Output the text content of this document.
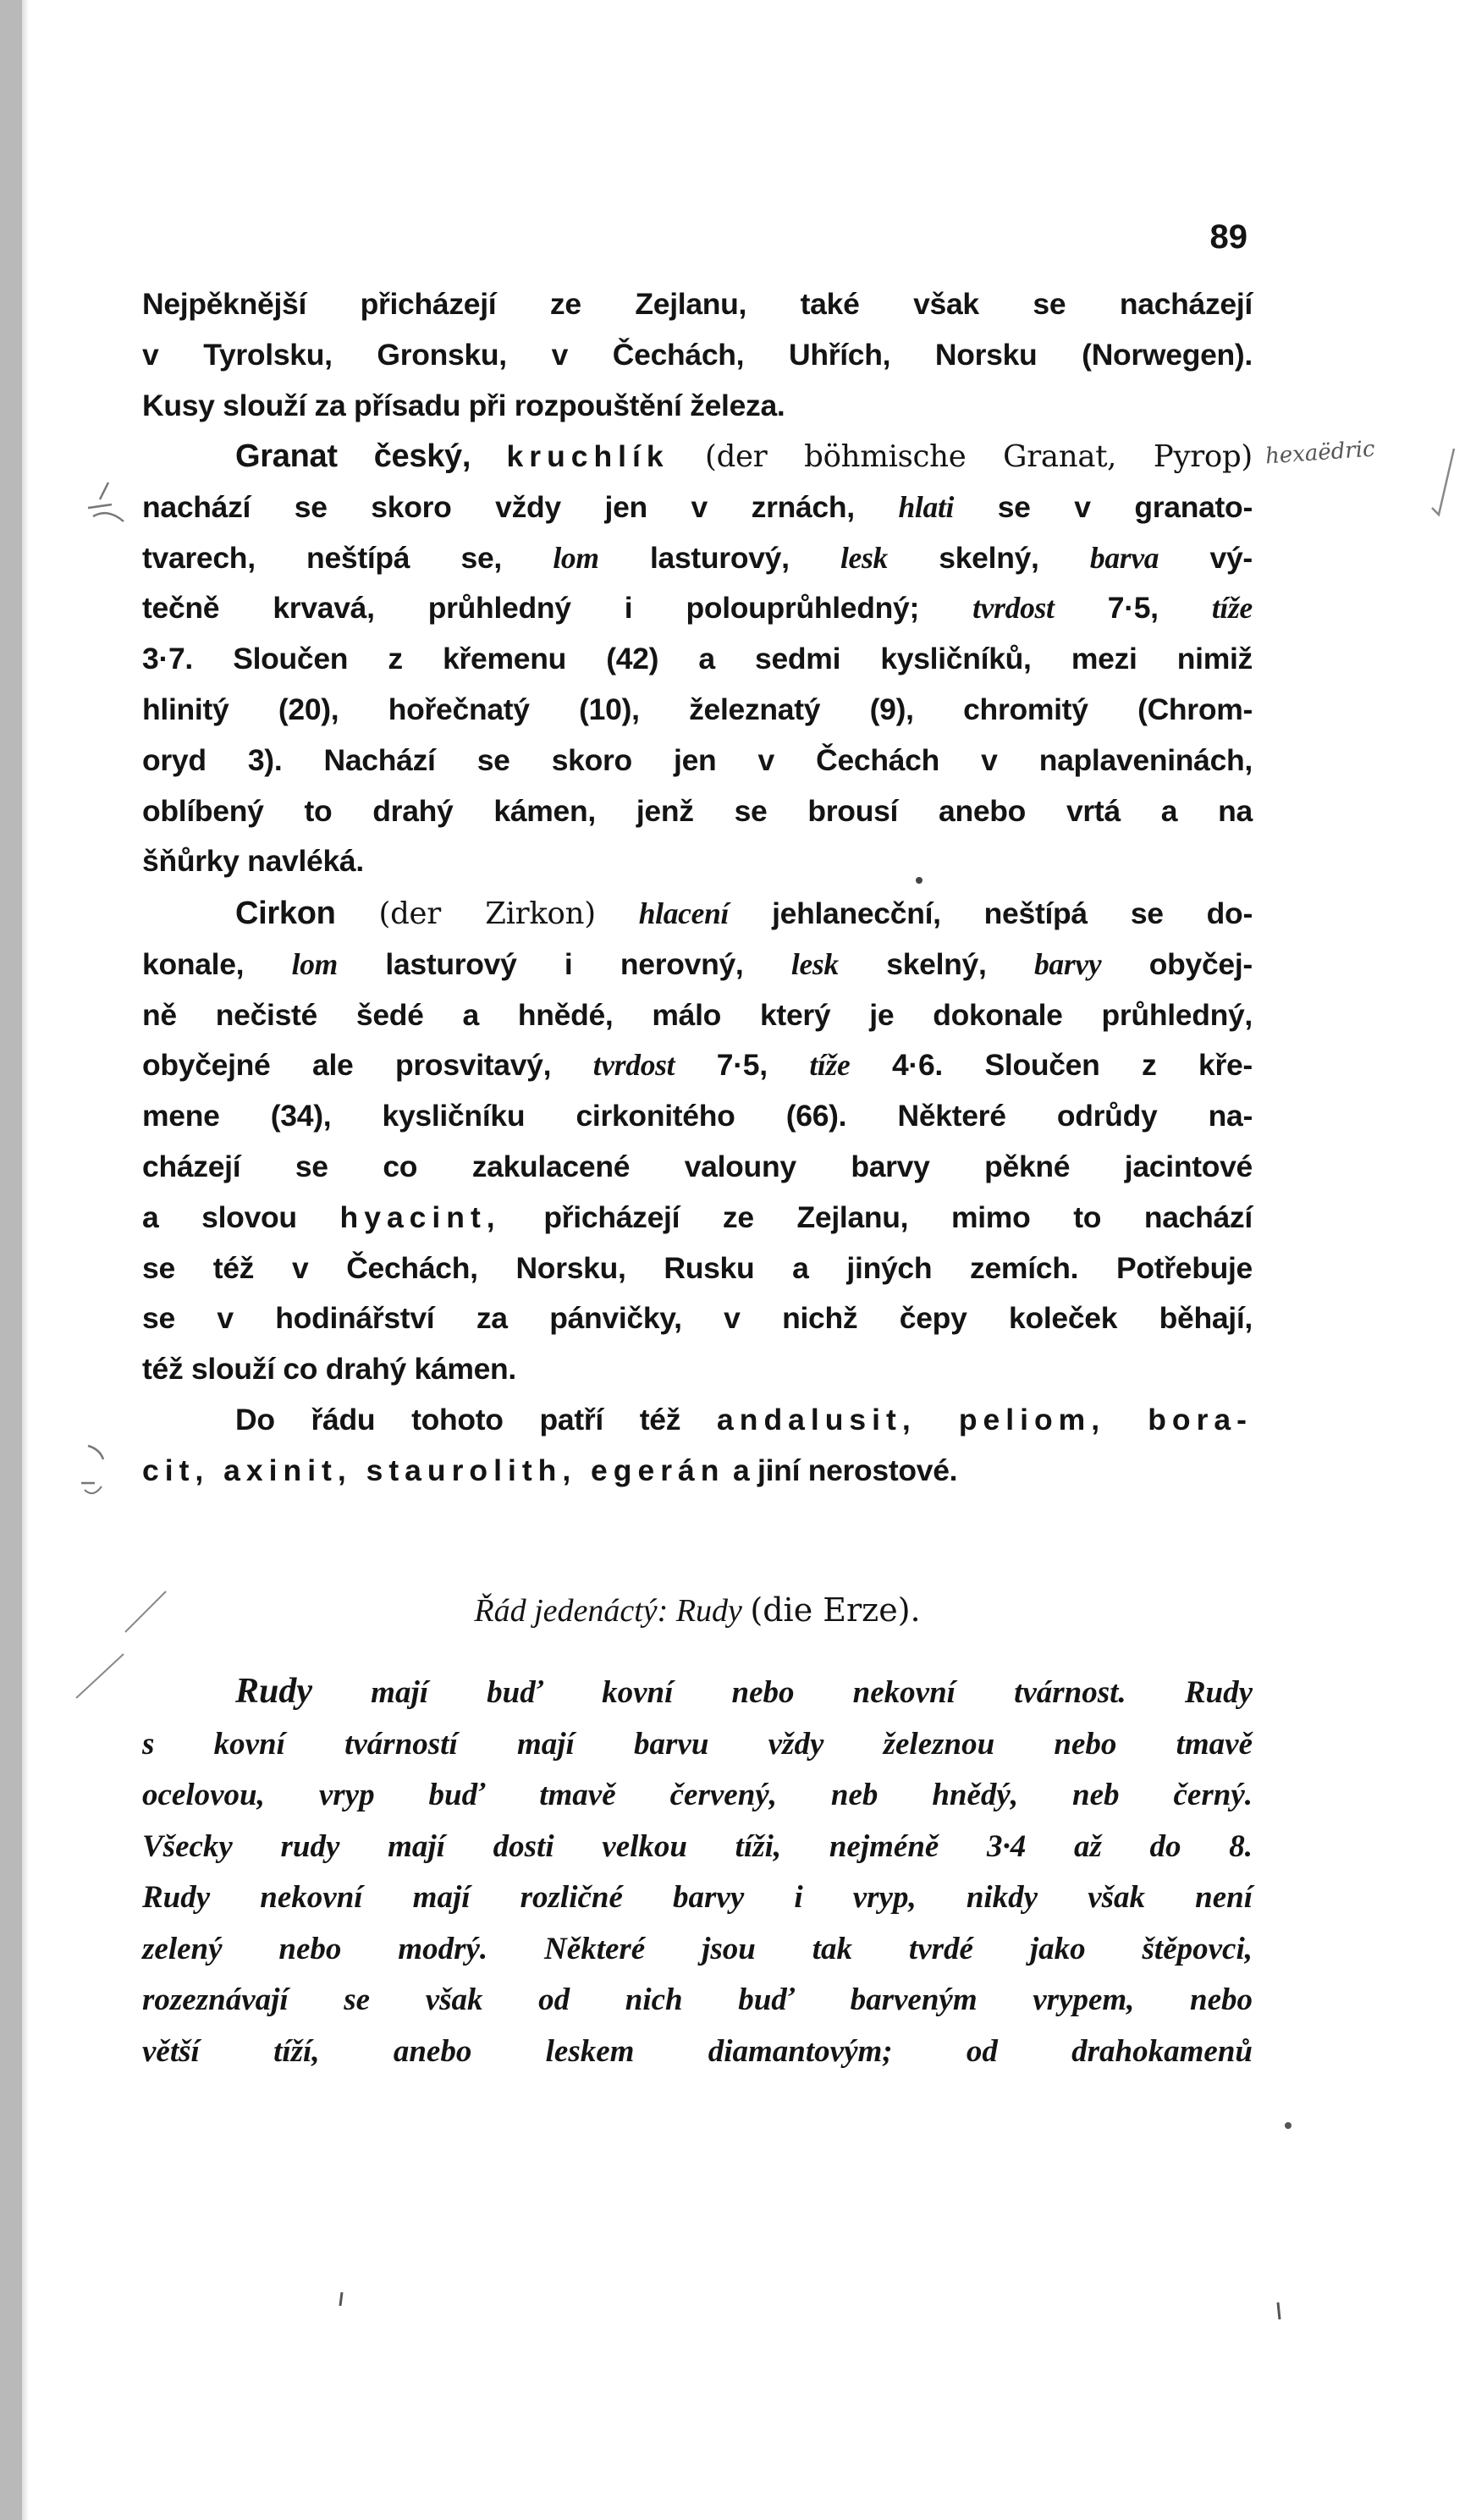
89
Nejpěknější přicházejí ze Zejlanu, také však se nacházejí
v Tyrolsku, Gronsku, v Čechách, Uhřích, Norsku (Norwegen).
Kusy slouží za přísadu při rozpouštění železa.
Granat český, kruchlík (der böhmische Granat, Pyrop)
nachází se skoro vždy jen v zrnách, hlati se v granato-
tvarech, neštípá se, lom lasturový, lesk skelný, barva vý-
tečně krvavá, průhledný i polouprůhledný; tvrdost 7·5, tíže
3·7. Sloučen z křemenu (42) a sedmi kysličníků, mezi nimiž
hlinitý (20), hořečnatý (10), železnatý (9), chromitý (Chrom-
oryd 3). Nachází se skoro jen v Čechách v naplaveninách,
oblíbený to drahý kámen, jenž se brousí anebo vrtá a na
šňůrky navléká.
Cirkon (der Zirkon) hlacení jehlanecční, neštípá se do-
konale, lom lasturový i nerovný, lesk skelný, barvy obyčej-
ně nečisté šedé a hnědé, málo který je dokonale průhledný,
obyčejné ale prosvitavý, tvrdost 7·5, tíže 4·6. Sloučen z kře-
mene (34), kysličníku cirkonitého (66). Některé odrůdy na-
cházejí se co zakulacené valouny barvy pěkné jacintové
a slovou hyacint, přicházejí ze Zejlanu, mimo to nachází
se též v Čechách, Norsku, Rusku a jiných zemích. Potřebuje
se v hodinářství za pánvičky, v nichž čepy koleček běhají,
též slouží co drahý kámen.
Do řádu tohoto patří též andalusit, peliom, bora-
cit, axinit, staurolith, egerán a jiní nerostové.
Řád jedenáctý: Rudy (die Erze).
Rudy mají buď kovní nebo nekovní tvárnost. Rudy
s kovní tvárností mají barvu vždy železnou nebo tmavě
ocelovou, vryp buď tmavě červený, neb hnědý, neb černý.
Všecky rudy mají dosti velkou tíži, nejméně 3·4 až do 8.
Rudy nekovní mají rozličné barvy i vryp, nikdy však není
zelený nebo modrý. Některé jsou tak tvrdé jako štěpovci,
rozeznávají se však od nich buď barveným vrypem, nebo
větší tíží, anebo leskem diamantovým; od drahokamenů
hexaëdric
